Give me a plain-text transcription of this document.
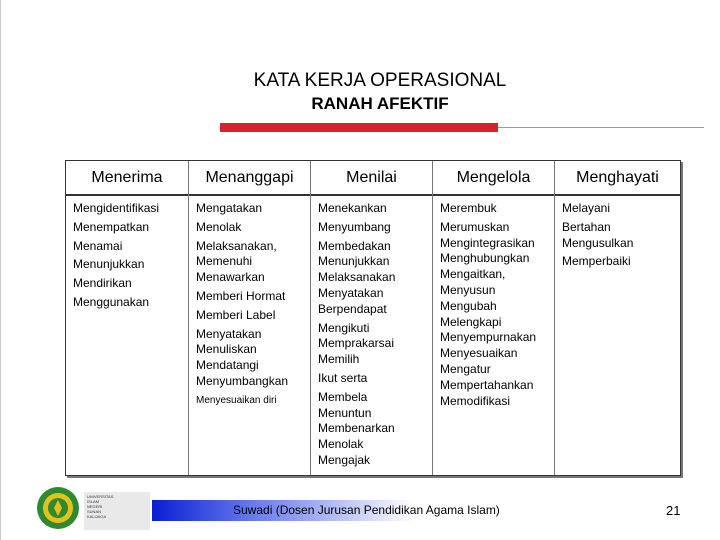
KATA KERJA OPERASIONAL
RANAH AFEKTIF
Menerima
Mengidentifikasi
Menempatkan
Menamai
Menunjukkan
Mendirikan
Menggunakan
Menanggapi
Mengatakan
Menolak
Melaksanakan,
Memenuhi
Menawarkan
Memberi Hormat
Memberi Label
Menyatakan
Menuliskan
Mendatangi
Menyumbangkan
Menyesuaikan diri
Menilai
Menekankan
Menyumbang
Membedakan
Menunjukkan
Melaksanakan
Menyatakan
Berpendapat
Mengikuti
Memprakarsai
Memilih
Ikut serta
Membela
Menuntun
Membenarkan
Menolak
Mengajak
Mengelola
Merembuk
Merumuskan
Mengintegrasikan
Menghubungkan
Mengaitkan,
Menyusun
Mengubah
Melengkapi
Menyempurnakan
Menyesuaikan
Mengatur
Mempertahankan
Memodifikasi
Menghayati
Melayani
Bertahan
Mengusulkan
Memperbaiki
UNIVERSITAS
ISLAM
NEGERI
SUNAN
KALIJAGA	Suwadi (Dosen Jurusan Pendidikan Agama Islam)	21
